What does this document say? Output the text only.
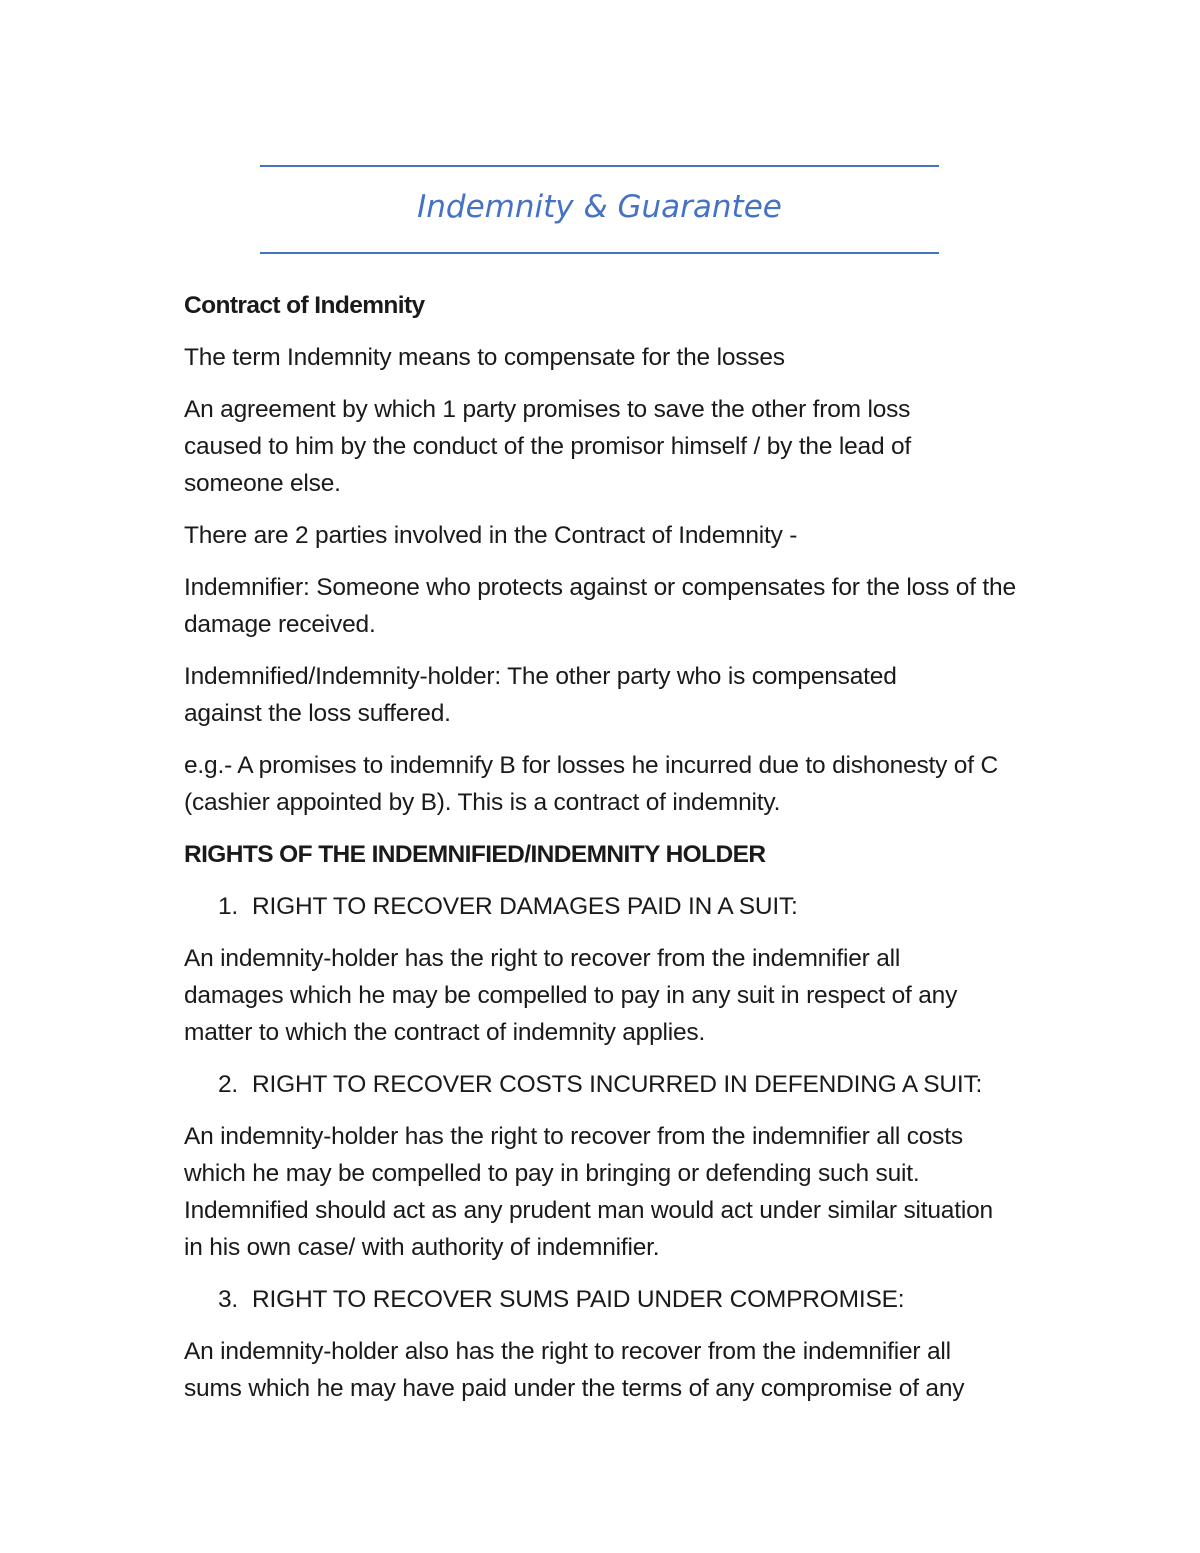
Indemnity & Guarantee
Contract of Indemnity

The term Indemnity means to compensate for the losses

An agreement by which 1 party promises to save the other from loss caused to him by the conduct of the promisor himself / by the lead of someone else.

There are 2 parties involved in the Contract of Indemnity -

Indemnifier: Someone who protects against or compensates for the loss of the damage received.

Indemnified/Indemnity-holder: The other party who is compensated against the loss suffered.

e.g.- A promises to indemnify B for losses he incurred due to dishonesty of C (cashier appointed by B). This is a contract of indemnity.

RIGHTS OF THE INDEMNIFIED/INDEMNITY HOLDER
1. RIGHT TO RECOVER DAMAGES PAID IN A SUIT:

An indemnity-holder has the right to recover from the indemnifier all damages which he may be compelled to pay in any suit in respect of any matter to which the contract of indemnity applies.

2. RIGHT TO RECOVER COSTS INCURRED IN DEFENDING A SUIT:

An indemnity-holder has the right to recover from the indemnifier all costs which he may be compelled to pay in bringing or defending such suit. Indemnified should act as any prudent man would act under similar situation in his own case/ with authority of indemnifier.

3. RIGHT TO RECOVER SUMS PAID UNDER COMPROMISE:

An indemnity-holder also has the right to recover from the indemnifier all sums which he may have paid under the terms of any compromise of any
